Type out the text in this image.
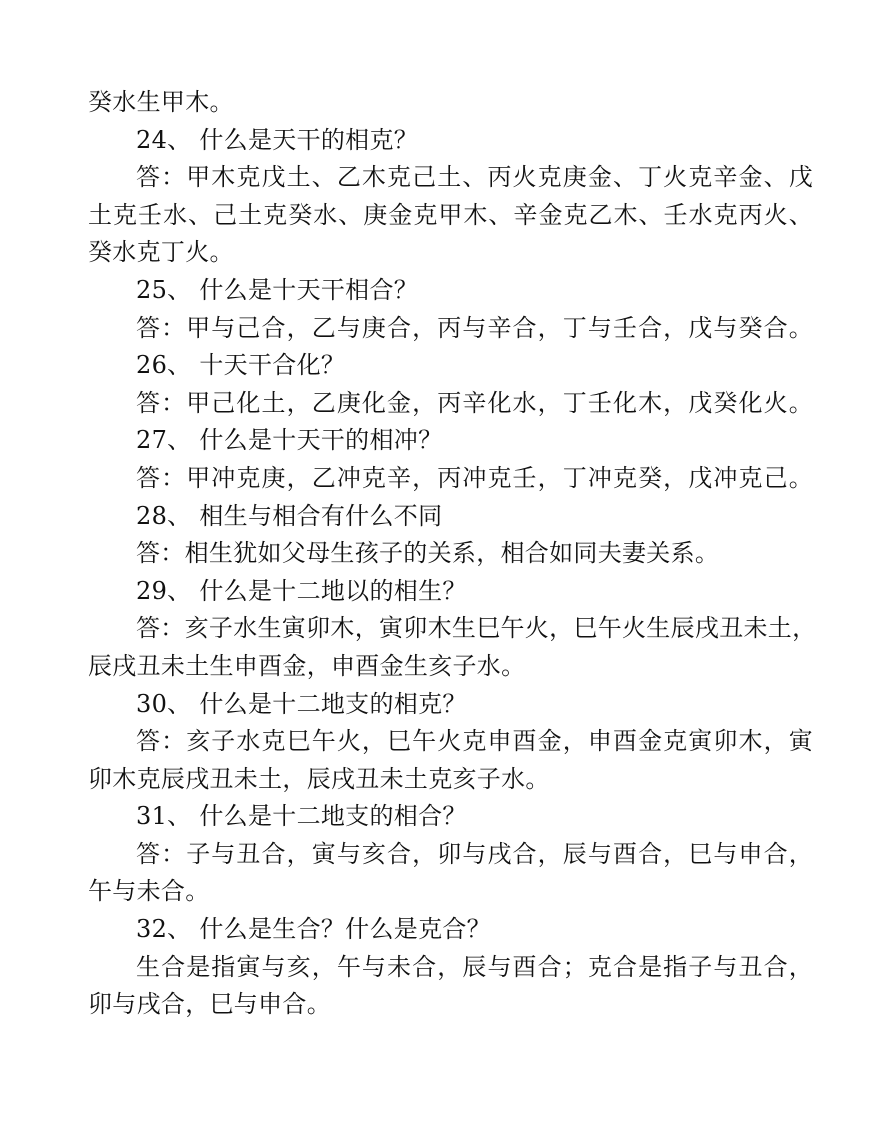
癸水生甲木。
24、 什么是天干的相克？
答：甲木克戊土、乙木克己土、丙火克庚金、丁火克辛金、戊
土克壬水、己土克癸水、庚金克甲木、辛金克乙木、壬水克丙火、
癸水克丁火。
25、 什么是十天干相合？
答：甲与己合，乙与庚合，丙与辛合，丁与壬合，戊与癸合。
26、 十天干合化？
答：甲己化土，乙庚化金，丙辛化水，丁壬化木，戊癸化火。
27、 什么是十天干的相冲？
答：甲冲克庚，乙冲克辛，丙冲克壬，丁冲克癸，戊冲克己。
28、 相生与相合有什么不同
答：相生犹如父母生孩子的关系，相合如同夫妻关系。
29、 什么是十二地以的相生？
答：亥子水生寅卯木，寅卯木生巳午火，巳午火生辰戌丑未土，
辰戌丑未土生申酉金，申酉金生亥子水。
30、 什么是十二地支的相克？
答：亥子水克巳午火，巳午火克申酉金，申酉金克寅卯木，寅
卯木克辰戌丑未土，辰戌丑未土克亥子水。
31、 什么是十二地支的相合？
答：子与丑合，寅与亥合，卯与戌合，辰与酉合，巳与申合，
午与未合。
32、 什么是生合？什么是克合？
生合是指寅与亥，午与未合，辰与酉合；克合是指子与丑合，
卯与戌合，巳与申合。
